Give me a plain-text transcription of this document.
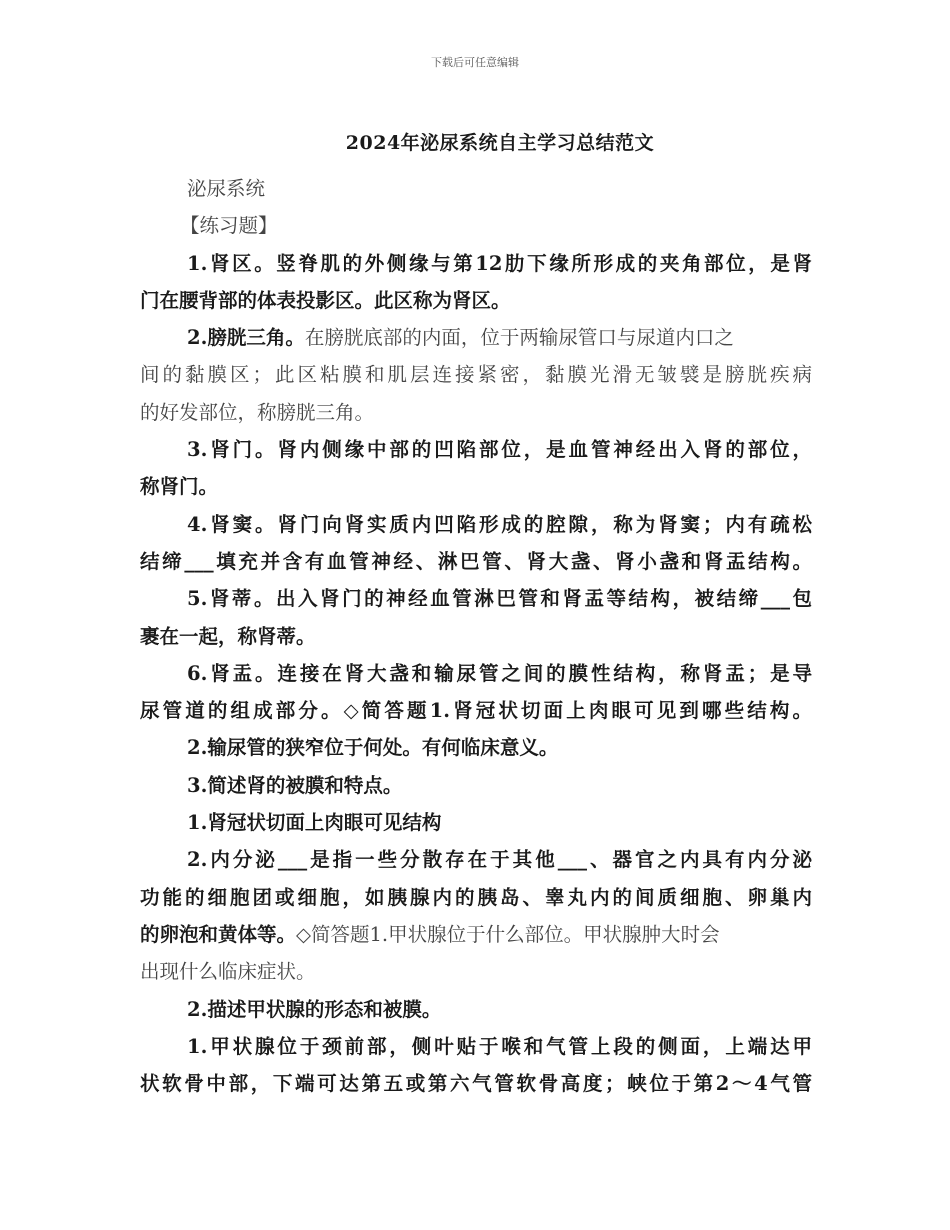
下载后可任意编辑
2024年泌尿系统自主学习总结范文
泌尿系统
【练习题】
1.肾区。竖脊肌的外侧缘与第12肋下缘所形成的夹角部位，是肾
门在腰背部的体表投影区。此区称为肾区。
2.膀胱三角。在膀胱底部的内面，位于两输尿管口与尿道内口之
间的黏膜区；此区粘膜和肌层连接紧密，黏膜光滑无皱襞是膀胱疾病
的好发部位，称膀胱三角。
3.肾门。肾内侧缘中部的凹陷部位，是血管神经出入肾的部位，
称肾门。
4.肾窦。肾门向肾实质内凹陷形成的腔隙，称为肾窦；内有疏松
结缔___填充并含有血管神经、淋巴管、肾大盏、肾小盏和肾盂结构。
5.肾蒂。出入肾门的神经血管淋巴管和肾盂等结构，被结缔___包
裹在一起，称肾蒂。
6.肾盂。连接在肾大盏和输尿管之间的膜性结构，称肾盂；是导
尿管道的组成部分。◇简答题1.肾冠状切面上肉眼可见到哪些结构。
2.输尿管的狭窄位于何处。有何临床意义。
3.简述肾的被膜和特点。
1.肾冠状切面上肉眼可见结构
2.内分泌___是指一些分散存在于其他___、器官之内具有内分泌
功能的细胞团或细胞，如胰腺内的胰岛、睾丸内的间质细胞、卵巢内
的卵泡和黄体等。◇简答题1.甲状腺位于什么部位。甲状腺肿大时会
出现什么临床症状。
2.描述甲状腺的形态和被膜。
1.甲状腺位于颈前部，侧叶贴于喉和气管上段的侧面，上端达甲
状软骨中部，下端可达第五或第六气管软骨高度；峡位于第2～4气管
